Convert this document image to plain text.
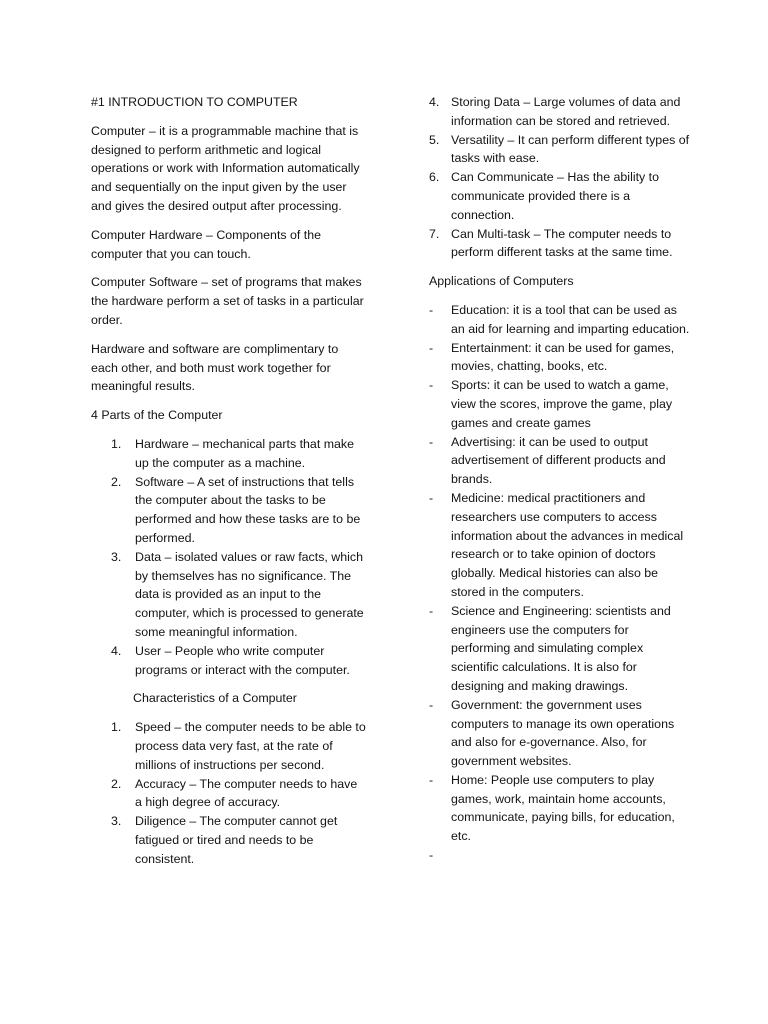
#1 INTRODUCTION TO COMPUTER

Computer – it is a programmable machine that is designed to perform arithmetic and logical operations or work with Information automatically and sequentially on the input given by the user and gives the desired output after processing.

Computer Hardware – Components of the computer that you can touch.

Computer Software – set of programs that makes the hardware perform a set of tasks in a particular order.

Hardware and software are complimentary to each other, and both must work together for meaningful results.

4 Parts of the Computer

1.	Hardware – mechanical parts that make up the computer as a machine.
2.	Software – A set of instructions that tells the computer about the tasks to be performed and how these tasks are to be performed.
3.	Data – isolated values or raw facts, which by themselves has no significance. The data is provided as an input to the computer, which is processed to generate some meaningful information.
4.	User – People who write computer programs or interact with the computer.

Characteristics of a Computer

1.	Speed – the computer needs to be able to process data very fast, at the rate of millions of instructions per second.
2.	Accuracy – The computer needs to have a high degree of accuracy.
3.	Diligence – The computer cannot get fatigued or tired and needs to be consistent.
4. Storing Data – Large volumes of data and information can be stored and retrieved.
5. Versatility – It can perform different types of tasks with ease.
6. Can Communicate – Has the ability to communicate provided there is a connection.
7. Can Multi-task – The computer needs to perform different tasks at the same time.

Applications of Computers

-	Education: it is a tool that can be used as an aid for learning and imparting education.
-	Entertainment: it can be used for games, movies, chatting, books, etc.
-	Sports: it can be used to watch a game, view the scores, improve the game, play games and create games
-	Advertising: it can be used to output advertisement of different products and brands.
-	Medicine: medical practitioners and researchers use computers to access information about the advances in medical research or to take opinion of doctors globally. Medical histories can also be stored in the computers.
-	Science and Engineering: scientists and engineers use the computers for performing and simulating complex scientific calculations. It is also for designing and making drawings.
-	Government: the government uses computers to manage its own operations and also for e-governance. Also, for government websites.
-	Home: People use computers to play games, work, maintain home accounts, communicate, paying bills, for education, etc.
-
